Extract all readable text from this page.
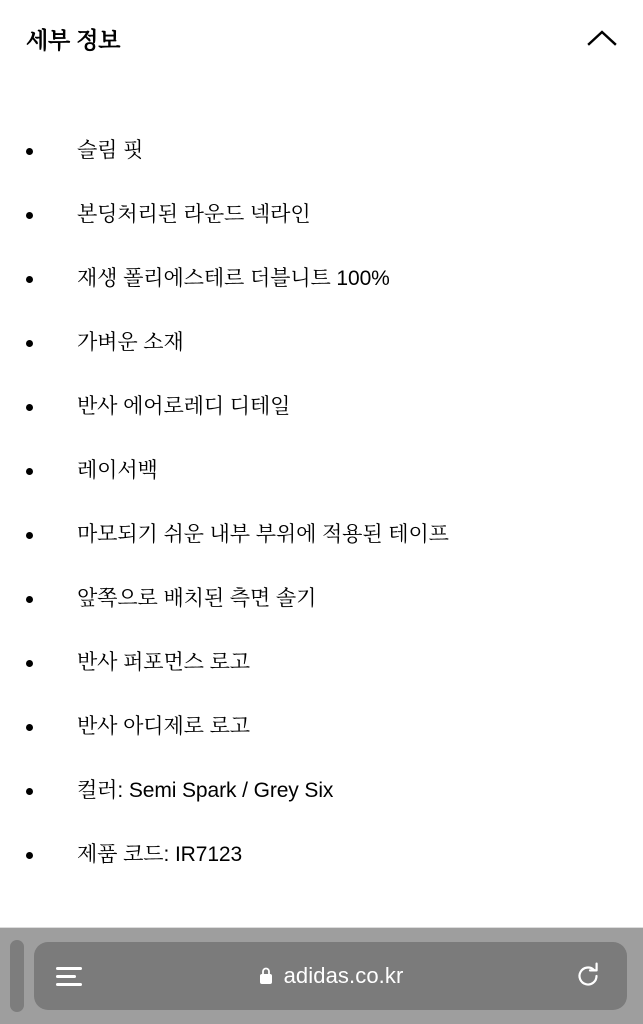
세부 정보
슬림 핏
본딩처리된 라운드 넥라인
재생 폴리에스테르 더블니트 100%
가벼운 소재
반사 에어로레디 디테일
레이서백
마모되기 쉬운 내부 부위에 적용된 테이프
앞쪽으로 배치된 측면 솔기
반사 퍼포먼스 로고
반사 아디제로 로고
컬러: Semi Spark / Grey Six
제품 코드: IR7123
adidas.co.kr
